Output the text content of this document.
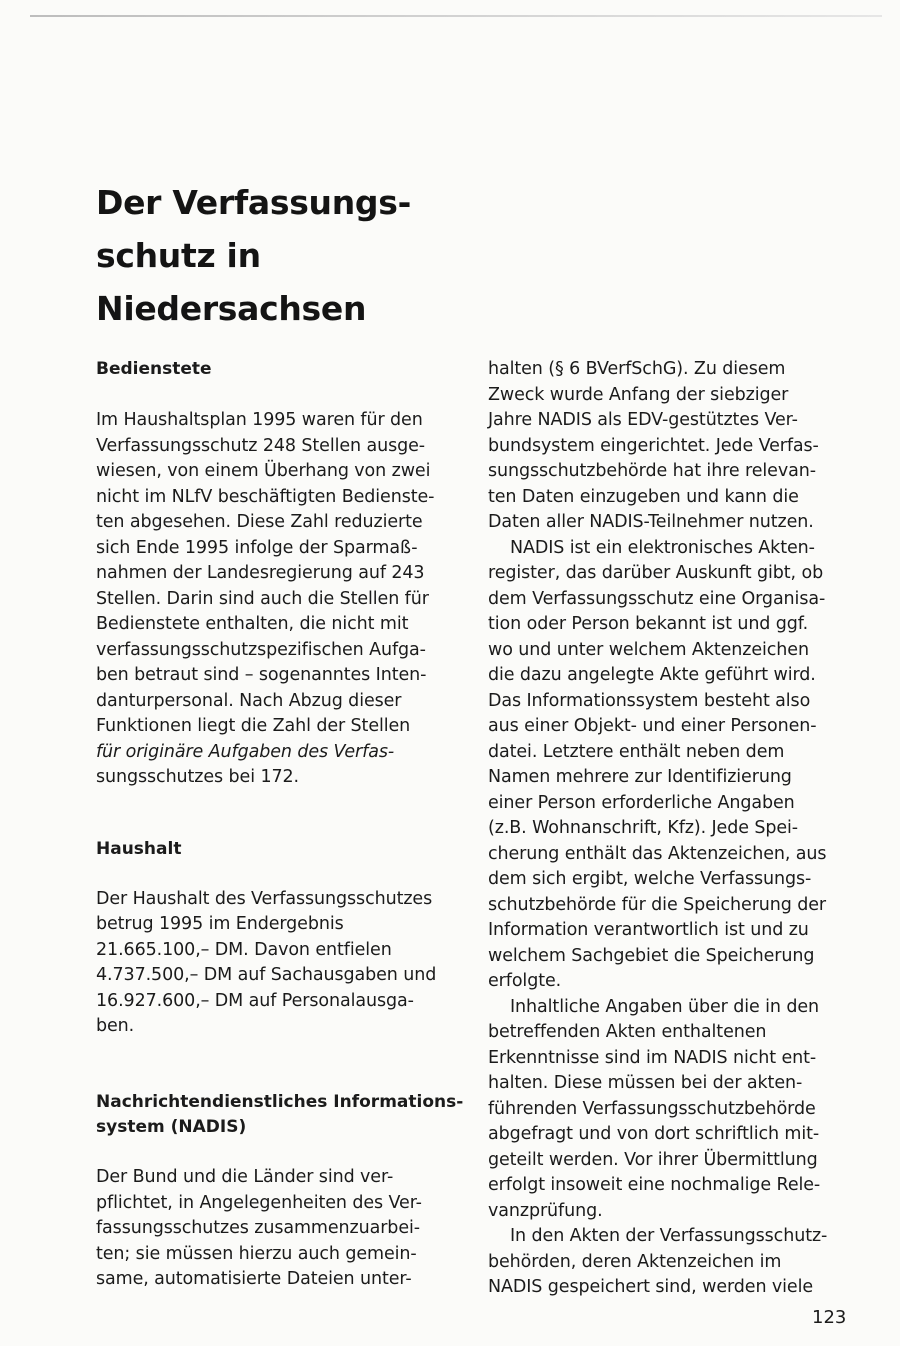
Der Verfassungs-
schutz in
Niedersachsen
Bedienstete
Im Haushaltsplan 1995 waren für den
Verfassungsschutz 248 Stellen ausge-
wiesen, von einem Überhang von zwei
nicht im NLfV beschäftigten Bedienste-
ten abgesehen. Diese Zahl reduzierte
sich Ende 1995 infolge der Sparmaß-
nahmen der Landesregierung auf 243
Stellen. Darin sind auch die Stellen für
Bedienstete enthalten, die nicht mit
verfassungsschutzspezifischen Aufga-
ben betraut sind – sogenanntes Inten-
danturpersonal. Nach Abzug dieser
Funktionen liegt die Zahl der Stellen
für originäre Aufgaben des Verfas-
sungsschutzes bei 172.
Haushalt
Der Haushalt des Verfassungsschutzes
betrug 1995 im Endergebnis
21.665.100,– DM. Davon entfielen
4.737.500,– DM auf Sachausgaben und
16.927.600,– DM auf Personalausga-
ben.
Nachrichtendienstliches Informations-
system (NADIS)
Der Bund und die Länder sind ver-
pflichtet, in Angelegenheiten des Ver-
fassungsschutzes zusammenzuarbei-
ten; sie müssen hierzu auch gemein-
same, automatisierte Dateien unter-
halten (§ 6 BVerfSchG). Zu diesem
Zweck wurde Anfang der siebziger
Jahre NADIS als EDV-gestütztes Ver-
bundsystem eingerichtet. Jede Verfas-
sungsschutzbehörde hat ihre relevan-
ten Daten einzugeben und kann die
Daten aller NADIS-Teilnehmer nutzen.
NADIS ist ein elektronisches Akten-
register, das darüber Auskunft gibt, ob
dem Verfassungsschutz eine Organisa-
tion oder Person bekannt ist und ggf.
wo und unter welchem Aktenzeichen
die dazu angelegte Akte geführt wird.
Das Informationssystem besteht also
aus einer Objekt- und einer Personen-
datei. Letztere enthält neben dem
Namen mehrere zur Identifizierung
einer Person erforderliche Angaben
(z.B. Wohnanschrift, Kfz). Jede Spei-
cherung enthält das Aktenzeichen, aus
dem sich ergibt, welche Verfassungs-
schutzbehörde für die Speicherung der
Information verantwortlich ist und zu
welchem Sachgebiet die Speicherung
erfolgte.
Inhaltliche Angaben über die in den
betreffenden Akten enthaltenen
Erkenntnisse sind im NADIS nicht ent-
halten. Diese müssen bei der akten-
führenden Verfassungsschutzbehörde
abgefragt und von dort schriftlich mit-
geteilt werden. Vor ihrer Übermittlung
erfolgt insoweit eine nochmalige Rele-
vanzprüfung.
In den Akten der Verfassungsschutz-
behörden, deren Aktenzeichen im
NADIS gespeichert sind, werden viele
123
